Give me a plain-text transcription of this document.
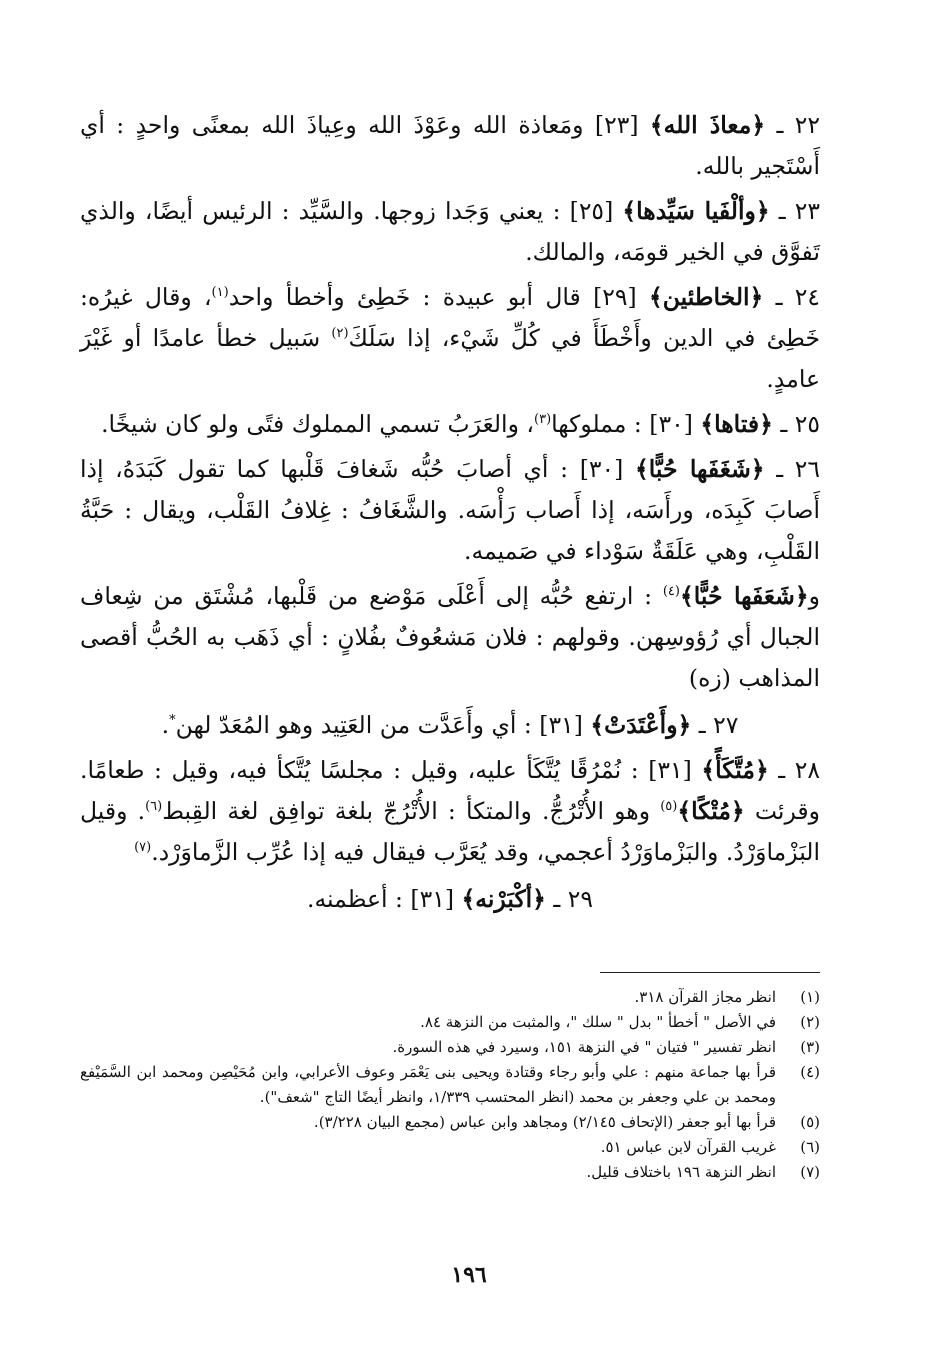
٢٢ ـ ﴿معاذَ الله﴾ [٢٣] ومَعاذة الله وعَوْذَ الله وعِياذَ الله بمعنًى واحدٍ : أي أَسْتَجير بالله.

٢٣ ـ ﴿وألْفَيا سَيِّدها﴾ [٢٥] : يعني وَجَدا زوجها. والسَّيِّد : الرئيس أيضًا، والذي تَفوَّق في الخير قومَه، والمالك.

٢٤ ـ ﴿الخاطئين﴾ [٢٩] قال أبو عبيدة : خَطِئ وأخطأ واحد$^{(١)}$، وقال غيرُه: خَطِئ في الدين وأَخْطَأَ في كُلِّ شَيْء، إذا سَلَكَ$^{(٢)}$ سَبيل خطأ عامدًا أو غَيْرَ عامدٍ.

٢٥ ـ ﴿فتاها﴾ [٣٠] : مملوكها$^{(٣)}$، والعَرَبُ تسمي المملوك فتًى ولو كان شيخًا.

٢٦ ـ ﴿شَغَفَها حُبًّا﴾ [٣٠] : أي أصابَ حُبُّه شَغافَ قَلْبها كما تقول كَبَدَهُ، إذا أَصابَ كَبِدَه، ورأَسَه، إذا أَصاب رَأْسَه. والشَّغَافُ : غِلافُ القَلْب، ويقال : حَبَّةُ القَلْبِ، وهي عَلَقَةٌ سَوْداء في صَميمه.

و﴿شَعَفَها حُبًّا﴾$^{(٤)}$ : ارتفع حُبُّه إلى أَعْلَى مَوْضع من قَلْبها، مُشْتَق من شِعاف الجبال أي رُؤوسِهن. وقولهم : فلان مَشعُوفٌ بفُلانٍ : أي ذَهَب به الحُبُّ أقصى المذاهب (زه)

٢٧ ـ ﴿وأَعْتَدَتْ﴾ [٣١] : أي وأَعَدَّت من العَتِيد وهو المُعَدّ لهن*.

٢٨ ـ ﴿مُتَّكَأً﴾ [٣١] : نُمْرُقًا يُتَّكَأ عليه، وقيل : مجلسًا يُتَّكأ فيه، وقيل : طعامًا. وقرئت ﴿مُتْكًا﴾$^{(٥)}$ وهو الأُتْرُجُّ. والمتكأ : الأُتْرُجّ بلغة توافِق لغة القِبط$^{(٦)}$. وقيل البَزْماوَرْدُ. والبَزْماوَرْدُ أعجمي، وقد يُعَرَّب فيقال فيه إذا عُرِّب الزَّماوَرْد.$^{(٧)}$

٢٩ ـ ﴿أكْبَرْنه﴾ [٣١] : أعظمنه.

(١)
انظر مجاز القرآن ٣١٨.
(٢)
في الأصل " أخطأ " بدل " سلك "، والمثبت من النزهة ٨٤.
(٣)
انظر تفسير " فتيان " في النزهة ١٥١، وسيرد في هذه السورة.
(٤)
قرأ بها جماعة منهم : علي وأبو رجاء وقتادة ويحيى بنى يَعْمَر وعوف الأعرابي، وابن مُحَيْصِن ومحمد ابن السَّمَيْفع ومحمد بن علي وجعفر بن محمد (انظر المحتسب ١/٣٣٩، وانظر أيضًا التاج "شعف").
(٥)
قرأ بها أبو جعفر (الإتحاف ٢/١٤٥) ومجاهد وابن عباس (مجمع البيان ٣/٢٢٨).
(٦)
غريب القرآن لابن عباس ٥١.
(٧)
انظر النزهة ١٩٦ باختلاف قليل.
١٩٦
